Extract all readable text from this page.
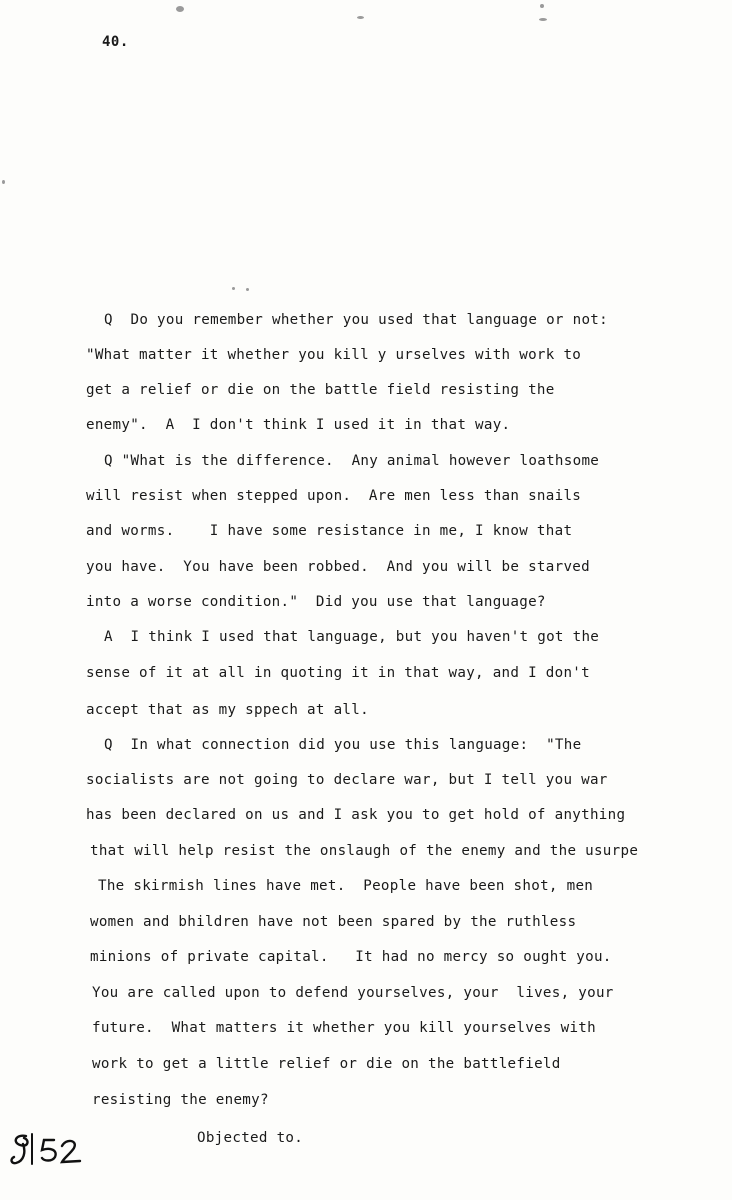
40.
Q  Do you remember whether you used that language or not:
"What matter it whether you kill y urselves with work to
get a relief or die on the battle field resisting the
enemy".  A  I don't think I used it in that way.
Q "What is the difference.  Any animal however loathsome
will resist when stepped upon.  Are men less than snails
and worms.    I have some resistance in me, I know that
you have.  You have been robbed.  And you will be starved
into a worse condition."  Did you use that language?
A  I think I used that language, but you haven't got the
sense of it at all in quoting it in that way, and I don't
accept that as my sppech at all.
Q  In what connection did you use this language:  "The
socialists are not going to declare war, but I tell you war
has been declared on us and I ask you to get hold of anything
that will help resist the onslaugh of the enemy and the usurpe
The skirmish lines have met.  People have been shot, men
women and bhildren have not been spared by the ruthless
minions of private capital.   It had no mercy so ought you.
You are called upon to defend yourselves, your  lives, your
future.  What matters it whether you kill yourselves with
work to get a little relief or die on the battlefield
resisting the enemy?
Objected to.
